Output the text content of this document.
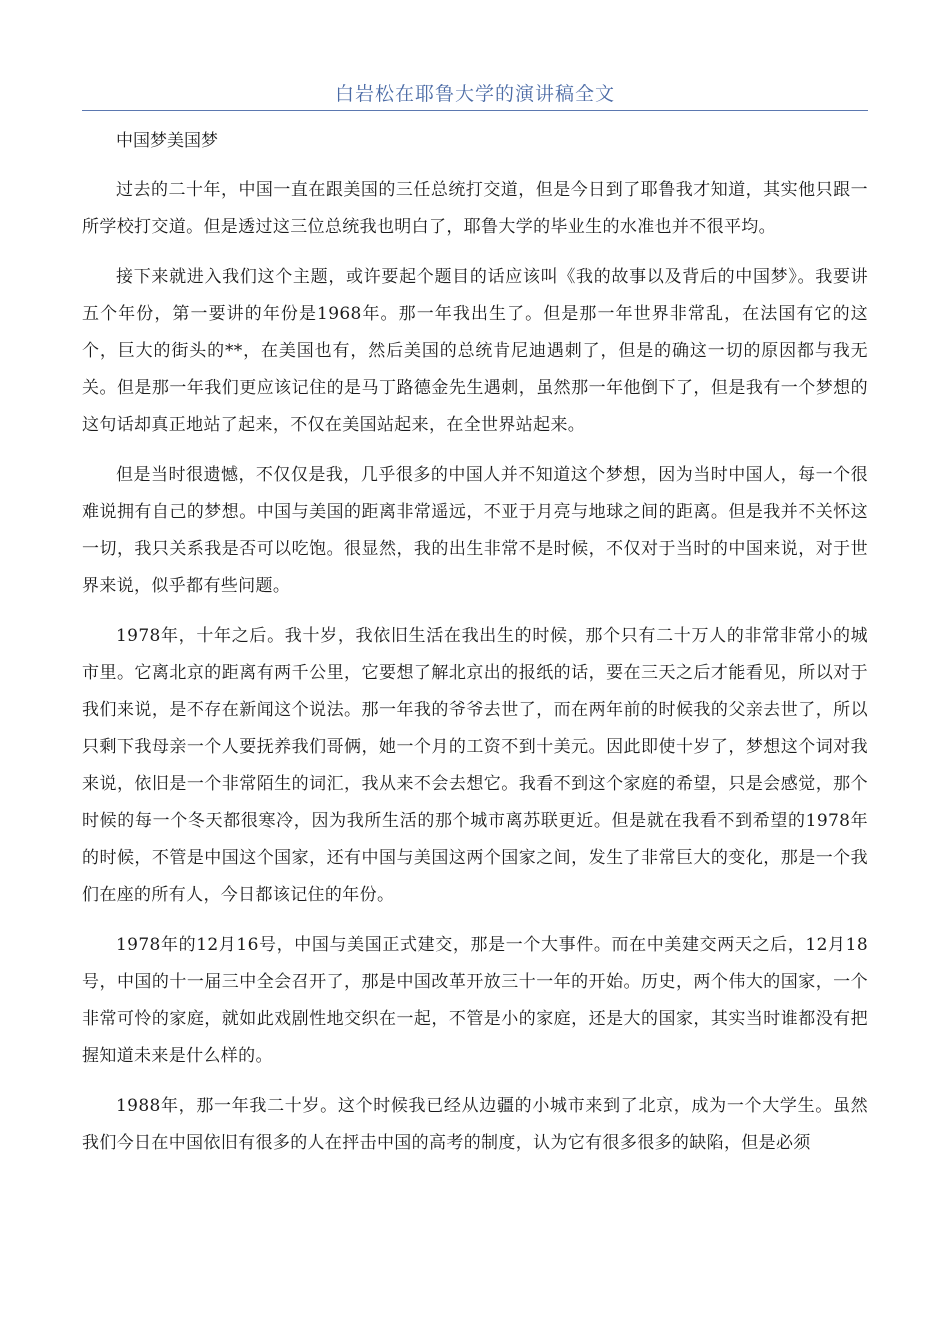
白岩松在耶鲁大学的演讲稿全文

中国梦美国梦

过去的二十年，中国一直在跟美国的三任总统打交道，但是今日到了耶鲁我才知道，其实他只跟一所学校打交道。但是透过这三位总统我也明白了，耶鲁大学的毕业生的水准也并不很平均。

接下来就进入我们这个主题，或许要起个题目的话应该叫《我的故事以及背后的中国梦》。我要讲五个年份，第一要讲的年份是1968年。那一年我出生了。但是那一年世界非常乱，在法国有它的这个，巨大的街头的**，在美国也有，然后美国的总统肯尼迪遇刺了，但是的确这一切的原因都与我无关。但是那一年我们更应该记住的是马丁路德金先生遇刺，虽然那一年他倒下了，但是我有一个梦想的这句话却真正地站了起来，不仅在美国站起来，在全世界站起来。

但是当时很遗憾，不仅仅是我，几乎很多的中国人并不知道这个梦想，因为当时中国人，每一个很难说拥有自己的梦想。中国与美国的距离非常遥远，不亚于月亮与地球之间的距离。但是我并不关怀这一切，我只关系我是否可以吃饱。很显然，我的出生非常不是时候，不仅对于当时的中国来说，对于世界来说，似乎都有些问题。

1978年，十年之后。我十岁，我依旧生活在我出生的时候，那个只有二十万人的非常非常小的城市里。它离北京的距离有两千公里，它要想了解北京出的报纸的话，要在三天之后才能看见，所以对于我们来说，是不存在新闻这个说法。那一年我的爷爷去世了，而在两年前的时候我的父亲去世了，所以只剩下我母亲一个人要抚养我们哥俩，她一个月的工资不到十美元。因此即使十岁了，梦想这个词对我来说，依旧是一个非常陌生的词汇，我从来不会去想它。我看不到这个家庭的希望，只是会感觉，那个时候的每一个冬天都很寒冷，因为我所生活的那个城市离苏联更近。但是就在我看不到希望的1978年的时候，不管是中国这个国家，还有中国与美国这两个国家之间，发生了非常巨大的变化，那是一个我们在座的所有人，今日都该记住的年份。

1978年的12月16号，中国与美国正式建交，那是一个大事件。而在中美建交两天之后，12月18号，中国的十一届三中全会召开了，那是中国改革开放三十一年的开始。历史，两个伟大的国家，一个非常可怜的家庭，就如此戏剧性地交织在一起，不管是小的家庭，还是大的国家，其实当时谁都没有把握知道未来是什么样的。

1988年，那一年我二十岁。这个时候我已经从边疆的小城市来到了北京，成为一个大学生。虽然我们今日在中国依旧有很多的人在抨击中国的高考的制度，认为它有很多很多的缺陷，但是必须
